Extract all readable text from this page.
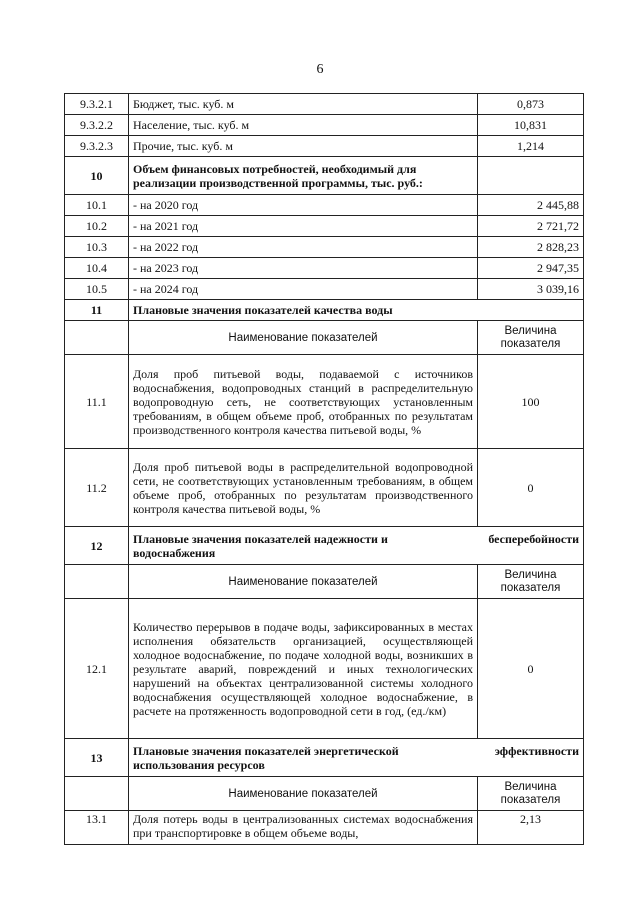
6
9.3.2.1	Бюджет, тыс. куб. м	0,873
9.3.2.2	Население, тыс. куб. м	10,831
9.3.2.3	Прочие, тыс. куб. м	1,214
10	Объем финансовых потребностей, необходимый для реализации производственной программы, тыс. руб.:	
10.1	- на 2020 год	2 445,88
10.2	- на 2021 год	2 721,72
10.3	- на 2022 год	2 828,23
10.4	- на 2023 год	2 947,35
10.5	- на 2024 год	3 039,16
11	Плановые значения показателей качества воды	
	Наименование показателей	Величина показателя
11.1	Доля проб питьевой воды, подаваемой с источников водоснабжения, водопроводных станций в распределительную водопроводную сеть, не соответствующих установленным требованиям, в общем объеме проб, отобранных по результатам производственного контроля качества питьевой воды, %	100
11.2	Доля проб питьевой воды в распределительной водопроводной сети, не соответствующих установленным требованиям, в общем объеме проб, отобранных по результатам производственного контроля качества питьевой воды, %	0
12	Плановые значения показателей надежности и бесперебойности
водоснабжения	

	Наименование показателей	Величина показателя
12.1	Количество перерывов в подаче воды, зафиксированных в местах исполнения обязательств организацией, осуществляющей холодное водоснабжение, по подаче холодной воды, возникших в результате аварий, повреждений и иных технологических нарушений на объектах централизованной системы холодного водоснабжения осуществляющей холодное водоснабжение, в расчете на протяженность водопроводной сети в год, (ед./км)	0
13	Плановые значения показателей энергетической эффективности
использования ресурсов	

	Наименование показателей	Величина показателя
13.1	Доля потерь воды в централизованных системах водоснабжения при транспортировке в общем объеме воды,	2,13
